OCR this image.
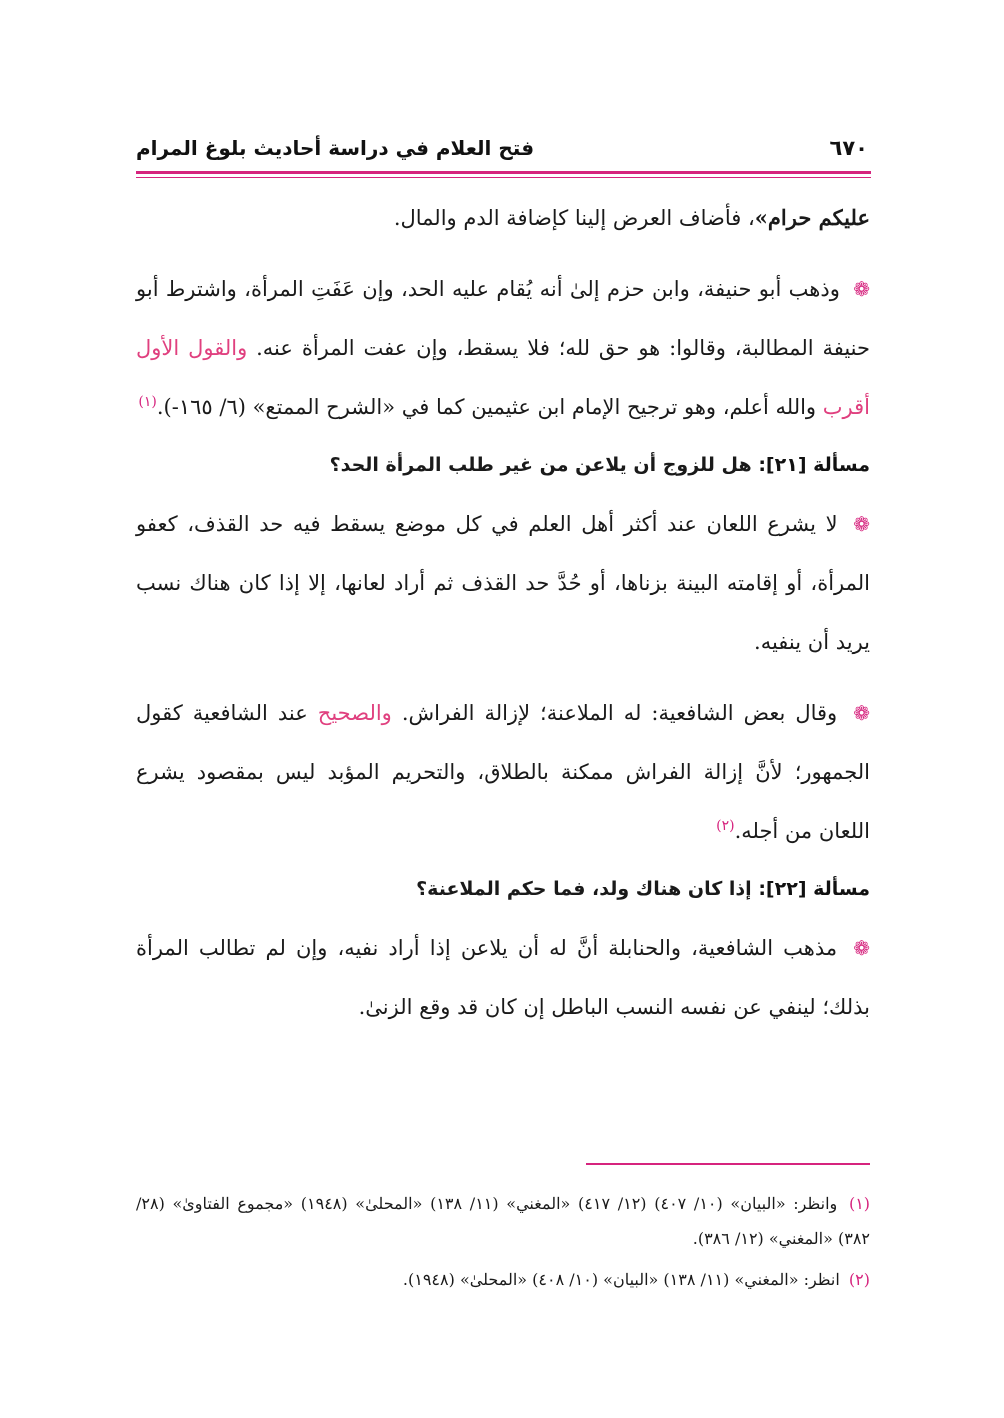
٦٧٠
فتح العلام في دراسة أحاديث بلوغ المرام

عليكم حرام»، فأضاف العرض إلينا كإضافة الدم والمال.

❁ وذهب أبو حنيفة، وابن حزم إلىٰ أنه يُقام عليه الحد، وإن عَفَتِ المرأة، واشترط أبو حنيفة المطالبة، وقالوا: هو حق لله؛ فلا يسقط، وإن عفت المرأة عنه. والقول الأول أقرب والله أعلم، وهو ترجيح الإمام ابن عثيمين كما في «الشرح الممتع» (٦/ ١٦٥-).$^{(١)}$

مسألة [٢١]: هل للزوج أن يلاعن من غير طلب المرأة الحد؟

❁ لا يشرع اللعان عند أكثر أهل العلم في كل موضع يسقط فيه حد القذف، كعفو المرأة، أو إقامته البينة بزناها، أو حُدَّ حد القذف ثم أراد لعانها، إلا إذا كان هناك نسب يريد أن ينفيه.

❁ وقال بعض الشافعية: له الملاعنة؛ لإزالة الفراش. والصحيح عند الشافعية كقول الجمهور؛ لأنَّ إزالة الفراش ممكنة بالطلاق، والتحريم المؤبد ليس بمقصود يشرع اللعان من أجله.$^{(٢)}$

مسألة [٢٢]: إذا كان هناك ولد، فما حكم الملاعنة؟

❁ مذهب الشافعية، والحنابلة أنَّ له أن يلاعن إذا أراد نفيه، وإن لم تطالب المرأة بذلك؛ لينفي عن نفسه النسب الباطل إن كان قد وقع الزنىٰ.

(١) وانظر: «البيان» (١٠/ ٤٠٧) (١٢/ ٤١٧) «المغني» (١١/ ١٣٨) «المحلىٰ» (١٩٤٨) «مجموع الفتاوىٰ» (٢٨/ ٣٨٢) «المغني» (١٢/ ٣٨٦).

(٢) انظر: «المغني» (١١/ ١٣٨) «البيان» (١٠/ ٤٠٨) «المحلىٰ» (١٩٤٨).
